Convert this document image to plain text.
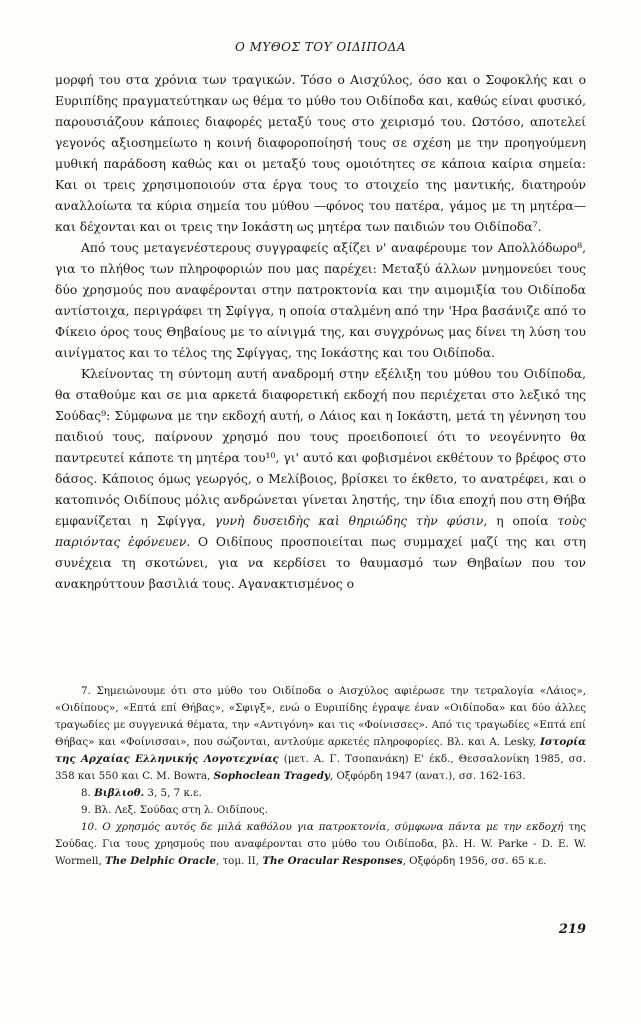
Ο ΜΥΘΟΣ ΤΟΥ ΟΙΔΙΠΟΔΑ

μορφή του στα χρόνια των τραγικών. Τόσο ο Αισχύλος, όσο και ο Σοφοκλής και ο Ευριπίδης πραγματεύτηκαν ως θέμα το μύθο του Οιδίποδα και, καθώς είναι φυσικό, παρουσιάζουν κάποιες διαφορές μεταξύ τους στο χειρισμό του. Ωστόσο, αποτελεί γεγονός αξιοσημείωτο η κοινή διαφοροποίησή τους σε σχέση με την προηγούμενη μυθική παράδοση καθώς και οι μεταξύ τους ομοιότητες σε κάποια καίρια σημεία: Και οι τρεις χρησιμοποιούν στα έργα τους το στοιχείο της μαντικής, διατηρούν αναλλοίωτα τα κύρια σημεία του μύθου —φόνος του πατέρα, γάμος με τη μητέρα— και δέχονται και οι τρεις την Ιοκάστη ως μητέρα των παιδιών του Οιδίποδα⁷.

Από τους μεταγενέστερους συγγραφείς αξίζει ν' αναφέρουμε τον Απολλόδωρο⁸, για το πλήθος των πληροφοριών που μας παρέχει: Μεταξύ άλλων μνημονεύει τους δύο χρησμούς που αναφέρονται στην πατροκτονία και την αιμομιξία του Οιδίποδα αντίστοιχα, περιγράφει τη Σφίγγα, η οποία σταλμένη από την 'Ηρα βασάνιζε από το Φίκειο όρος τους Θηβαίους με το αίνιγμά της, και συγχρόνως μας δίνει τη λύση του αινίγματος και το τέλος της Σφίγγας, της Ιοκάστης και του Οιδίποδα.

Κλείνοντας τη σύντομη αυτή αναδρομή στην εξέλιξη του μύθου του Οιδίποδα, θα σταθούμε και σε μια αρκετά διαφορετική εκδοχή που περιέχεται στο λεξικό της Σούδας⁹: Σύμφωνα με την εκδοχή αυτή, ο Λάιος και η Ιοκάστη, μετά τη γέννηση του παιδιού τους, παίρνουν χρησμό που τους προειδοποιεί ότι το νεογέννητο θα παντρευτεί κάποτε τη μητέρα του¹⁰, γι' αυτό και φοβισμένοι εκθέτουν το βρέφος στο δάσος. Κάποιος όμως γεωργός, ο Μελίβοιος, βρίσκει το έκθετο, το ανατρέφει, και ο κατοπινός Οιδίπους μόλις ανδρώνεται γίνεται ληστής, την ίδια εποχή που στη Θήβα εμφανίζεται η Σφίγγα, γυνὴ δυσειδὴς καὶ θηριώδης τὴν φύσιν, η οποία τοὺς παριόντας ἐφόνευεν. Ο Οιδίπους προσποιείται πως συμμαχεί μαζί της και στη συνέχεια τη σκοτώνει, για να κερδίσει το θαυμασμό των Θηβαίων που τον ανακηρύττουν βασιλιά τους. Αγανακτισμένος ο

7. Σημειώνουμε ότι στο μύθο του Οιδίποδα ο Αισχύλος αφιέρωσε την τετραλογία «Λάιος», «Οιδίπους», «Επτά επί Θήβας», «Σφιγξ», ενώ ο Ευριπίδης έγραψε έναν «Οιδίποδα» και δύο άλλες τραγωδίες με συγγενικά θέματα, την «Αντιγόνη» και τις «Φοίνισσες». Από τις τραγωδίες «Επτά επί Θήβας» και «Φοίνισσαι», που σώζονται, αντλούμε αρκετές πληροφορίες. Βλ. και A. Lesky, Ιστορία της Αρχαίας Ελληνικής Λογοτεχνίας (μετ. Α. Γ. Τσοπανάκη) Ε' έκδ., Θεσσαλονίκη 1985, σσ. 358 και 550 και C. M. Bowra, Sophoclean Tragedy, Οξφόρδη 1947 (ανατ.), σσ. 162-163.

8. Βιβλιοθ. 3, 5, 7 κ.ε.

9. Βλ. Λεξ. Σούδας στη λ. Οιδίπους.

10. Ο χρησμός αυτός δε μιλά καθόλου για πατροκτονία, σύμφωνα πάντα με την εκδοχή της Σούδας. Για τους χρησμούς που αναφέρονται στο μύθο του Οιδίποδα, βλ. H. W. Parke - D. E. W. Wormell, The Delphic Oracle, τομ. ΙΙ, The Oracular Responses, Οξφόρδη 1956, σσ. 65 κ.ε.

219
